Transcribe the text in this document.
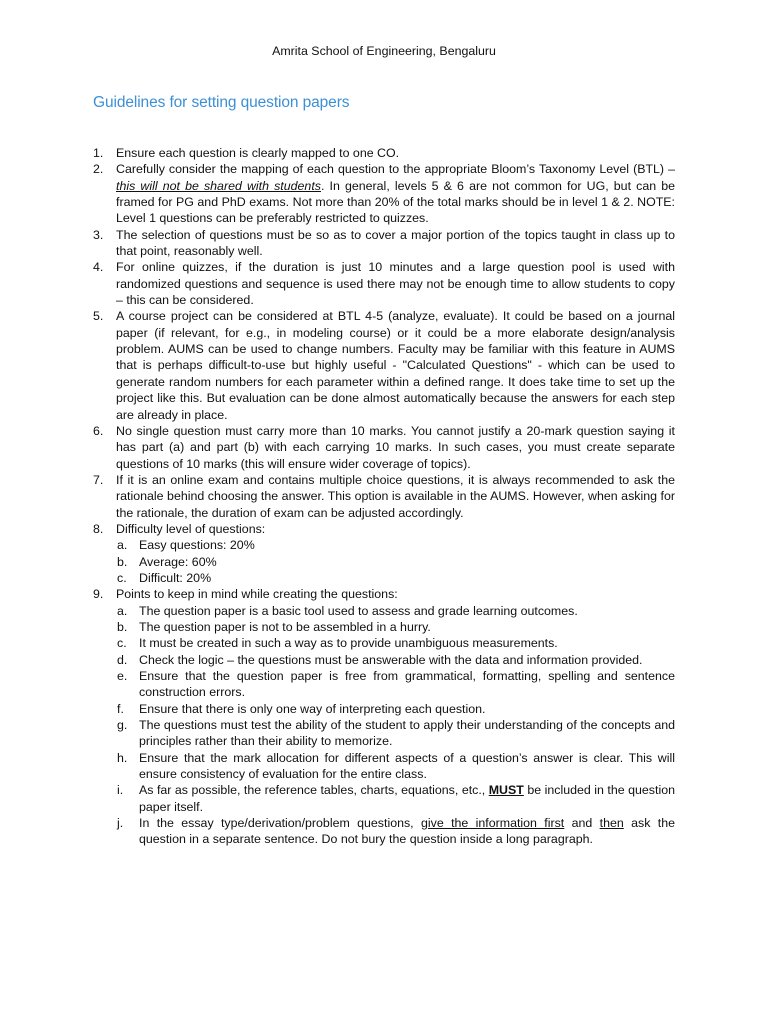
Amrita School of Engineering, Bengaluru
Guidelines for setting question papers
1. Ensure each question is clearly mapped to one CO.
2. Carefully consider the mapping of each question to the appropriate Bloom’s Taxonomy Level (BTL) – this will not be shared with students. In general, levels 5 & 6 are not common for UG, but can be framed for PG and PhD exams. Not more than 20% of the total marks should be in level 1 & 2. NOTE: Level 1 questions can be preferably restricted to quizzes.
3. The selection of questions must be so as to cover a major portion of the topics taught in class up to that point, reasonably well.
4. For online quizzes, if the duration is just 10 minutes and a large question pool is used with randomized questions and sequence is used there may not be enough time to allow students to copy – this can be considered.
5. A course project can be considered at BTL 4-5 (analyze, evaluate). It could be based on a journal paper (if relevant, for e.g., in modeling course) or it could be a more elaborate design/analysis problem. AUMS can be used to change numbers. Faculty may be familiar with this feature in AUMS that is perhaps difficult-to-use but highly useful - "Calculated Questions" - which can be used to generate random numbers for each parameter within a defined range. It does take time to set up the project like this. But evaluation can be done almost automatically because the answers for each step are already in place.
6. No single question must carry more than 10 marks. You cannot justify a 20-mark question saying it has part (a) and part (b) with each carrying 10 marks. In such cases, you must create separate questions of 10 marks (this will ensure wider coverage of topics).
7. If it is an online exam and contains multiple choice questions, it is always recommended to ask the rationale behind choosing the answer. This option is available in the AUMS. However, when asking for the rationale, the duration of exam can be adjusted accordingly.
8. Difficulty level of questions:
a. Easy questions: 20%
b. Average: 60%
c. Difficult: 20%
9. Points to keep in mind while creating the questions:
a. The question paper is a basic tool used to assess and grade learning outcomes.
b. The question paper is not to be assembled in a hurry.
c. It must be created in such a way as to provide unambiguous measurements.
d. Check the logic – the questions must be answerable with the data and information provided.
e. Ensure that the question paper is free from grammatical, formatting, spelling and sentence construction errors.
f. Ensure that there is only one way of interpreting each question.
g. The questions must test the ability of the student to apply their understanding of the concepts and principles rather than their ability to memorize.
h. Ensure that the mark allocation for different aspects of a question’s answer is clear. This will ensure consistency of evaluation for the entire class.
i. As far as possible, the reference tables, charts, equations, etc., MUST be included in the question paper itself.
j. In the essay type/derivation/problem questions, give the information first and then ask the question in a separate sentence. Do not bury the question inside a long paragraph.
